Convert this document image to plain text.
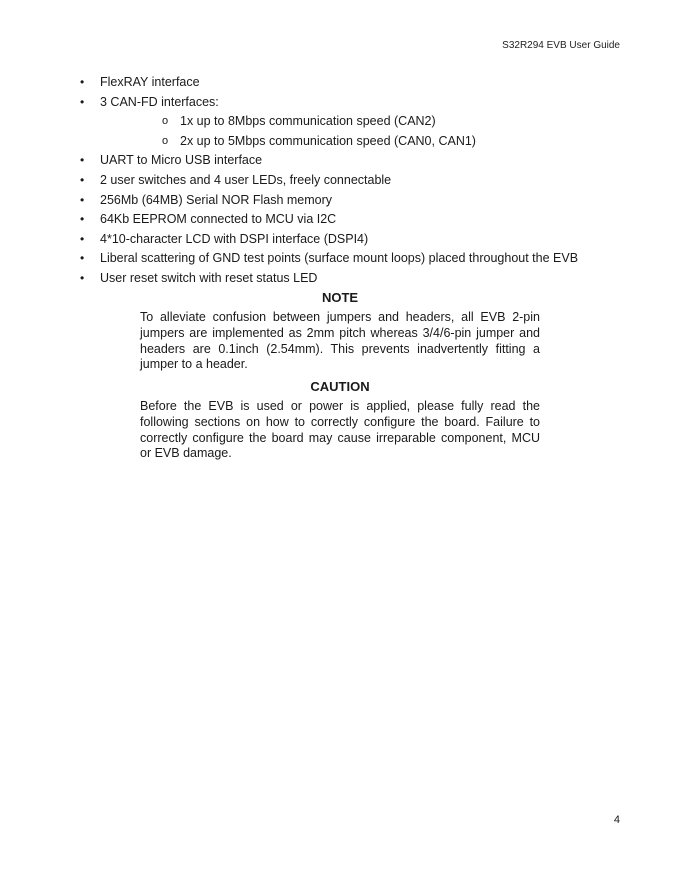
S32R294 EVB User Guide
• FlexRAY interface
• 3 CAN-FD interfaces:
o 1x up to 8Mbps communication speed (CAN2)
o 2x up to 5Mbps communication speed (CAN0, CAN1)
• UART to Micro USB interface
• 2 user switches and 4 user LEDs, freely connectable
• 256Mb (64MB) Serial NOR Flash memory
• 64Kb EEPROM connected to MCU via I2C
• 4*10-character LCD with DSPI interface (DSPI4)
• Liberal scattering of GND test points (surface mount loops) placed throughout the EVB
• User reset switch with reset status LED
NOTE

To alleviate confusion between jumpers and headers, all EVB 2-pin jumpers are implemented as 2mm pitch whereas 3/4/6-pin jumper and headers are 0.1inch (2.54mm). This prevents inadvertently fitting a jumper to a header.

CAUTION

Before the EVB is used or power is applied, please fully read the following sections on how to correctly configure the board. Failure to correctly configure the board may cause irreparable component, MCU or EVB damage.

4
